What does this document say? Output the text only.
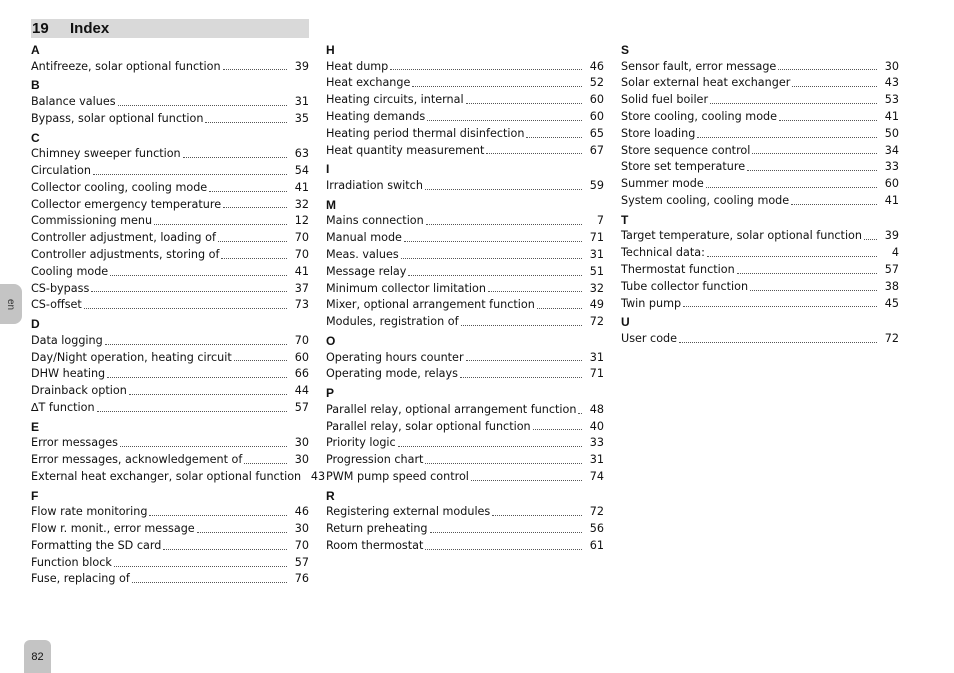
19	Index
en
82
A
Antifreeze, solar optional function	39
B
Balance values	31
Bypass, solar optional function	35
C
Chimney sweeper function	63
Circulation	54
Collector cooling, cooling mode	41
Collector emergency temperature	32
Commissioning menu	12
Controller adjustment, loading of	70
Controller adjustments, storing of	70
Cooling mode	41
CS-bypass	37
CS-offset	73
D
Data logging	70
Day/Night operation, heating circuit	60
DHW heating	66
Drainback option	44
∆T function	57
E
Error messages	30
Error messages, acknowledgement of	30
External heat exchanger, solar optional function 43
F
Flow rate monitoring	46
Flow r. monit., error message	30
Formatting the SD card	70
Function block	57
Fuse, replacing of	76
H
Heat dump	46
Heat exchange	52
Heating circuits, internal	60
Heating demands	60
Heating period thermal disinfection	65
Heat quantity measurement	67
I
Irradiation switch	59
M
Mains connection	7
Manual mode	71
Meas. values	31
Message relay	51
Minimum collector limitation	32
Mixer, optional arrangement function	49
Modules, registration of	72
O
Operating hours counter	31
Operating mode, relays	71
P
Parallel relay, optional arrangement function	48
Parallel relay, solar optional function	40
Priority logic	33
Progression chart	31
PWM pump speed control	74
R
Registering external modules	72
Return preheating	56
Room thermostat	61
S
Sensor fault, error message	30
Solar external heat exchanger	43
Solid fuel boiler	53
Store cooling, cooling mode	41
Store loading	50
Store sequence control	34
Store set temperature	33
Summer mode	60
System cooling, cooling mode	41
T
Target temperature, solar optional function	39
Technical data:	4
Thermostat function	57
Tube collector function	38
Twin pump	45
U
User code	72
